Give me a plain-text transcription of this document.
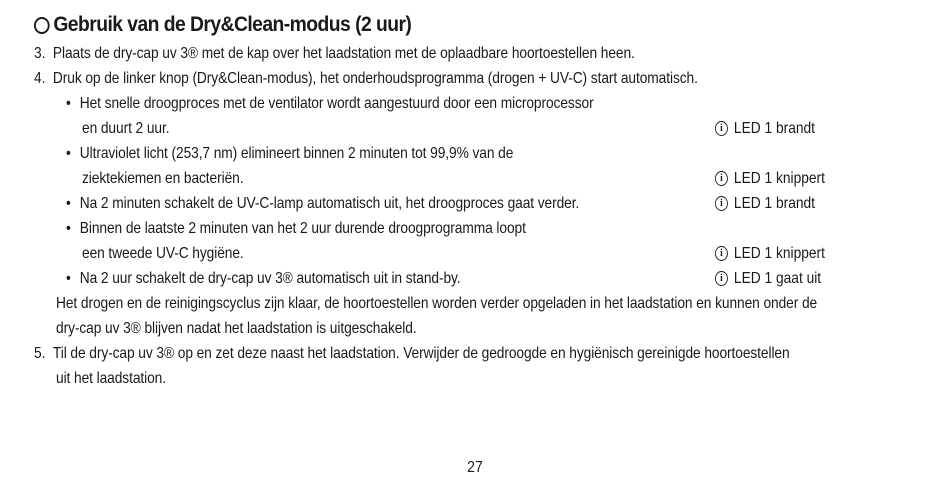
Gebruik van de Dry&Clean-modus (2 uur)
3. Plaats de dry-cap uv 3® met de kap over het laadstation met de oplaadbare hoortoestellen heen.
4. Druk op de linker knop (Dry&Clean-modus), het onderhoudsprogramma (drogen + UV-C) start automatisch.
• Het snelle droogproces met de ventilator wordt aangestuurd door een microprocessor
en duurt 2 uur.	i LED 1 brandt
• Ultraviolet licht (253,7 nm) elimineert binnen 2 minuten tot 99,9% van de
ziektekiemen en bacteriën.	i LED 1 knippert
• Na 2 minuten schakelt de UV-C-lamp automatisch uit, het droogproces gaat verder.	i LED 1 brandt
• Binnen de laatste 2 minuten van het 2 uur durende droogprogramma loopt
een tweede UV-C hygiëne.	i LED 1 knippert
• Na 2 uur schakelt de dry-cap uv 3® automatisch uit in stand-by.	i LED 1 gaat uit
Het drogen en de reinigingscyclus zijn klaar, de hoortoestellen worden verder opgeladen in het laadstation en kunnen onder de
dry-cap uv 3® blijven nadat het laadstation is uitgeschakeld.
5. Til de dry-cap uv 3® op en zet deze naast het laadstation. Verwijder de gedroogde en hygiënisch gereinigde hoortoestellen
uit het laadstation.
27
